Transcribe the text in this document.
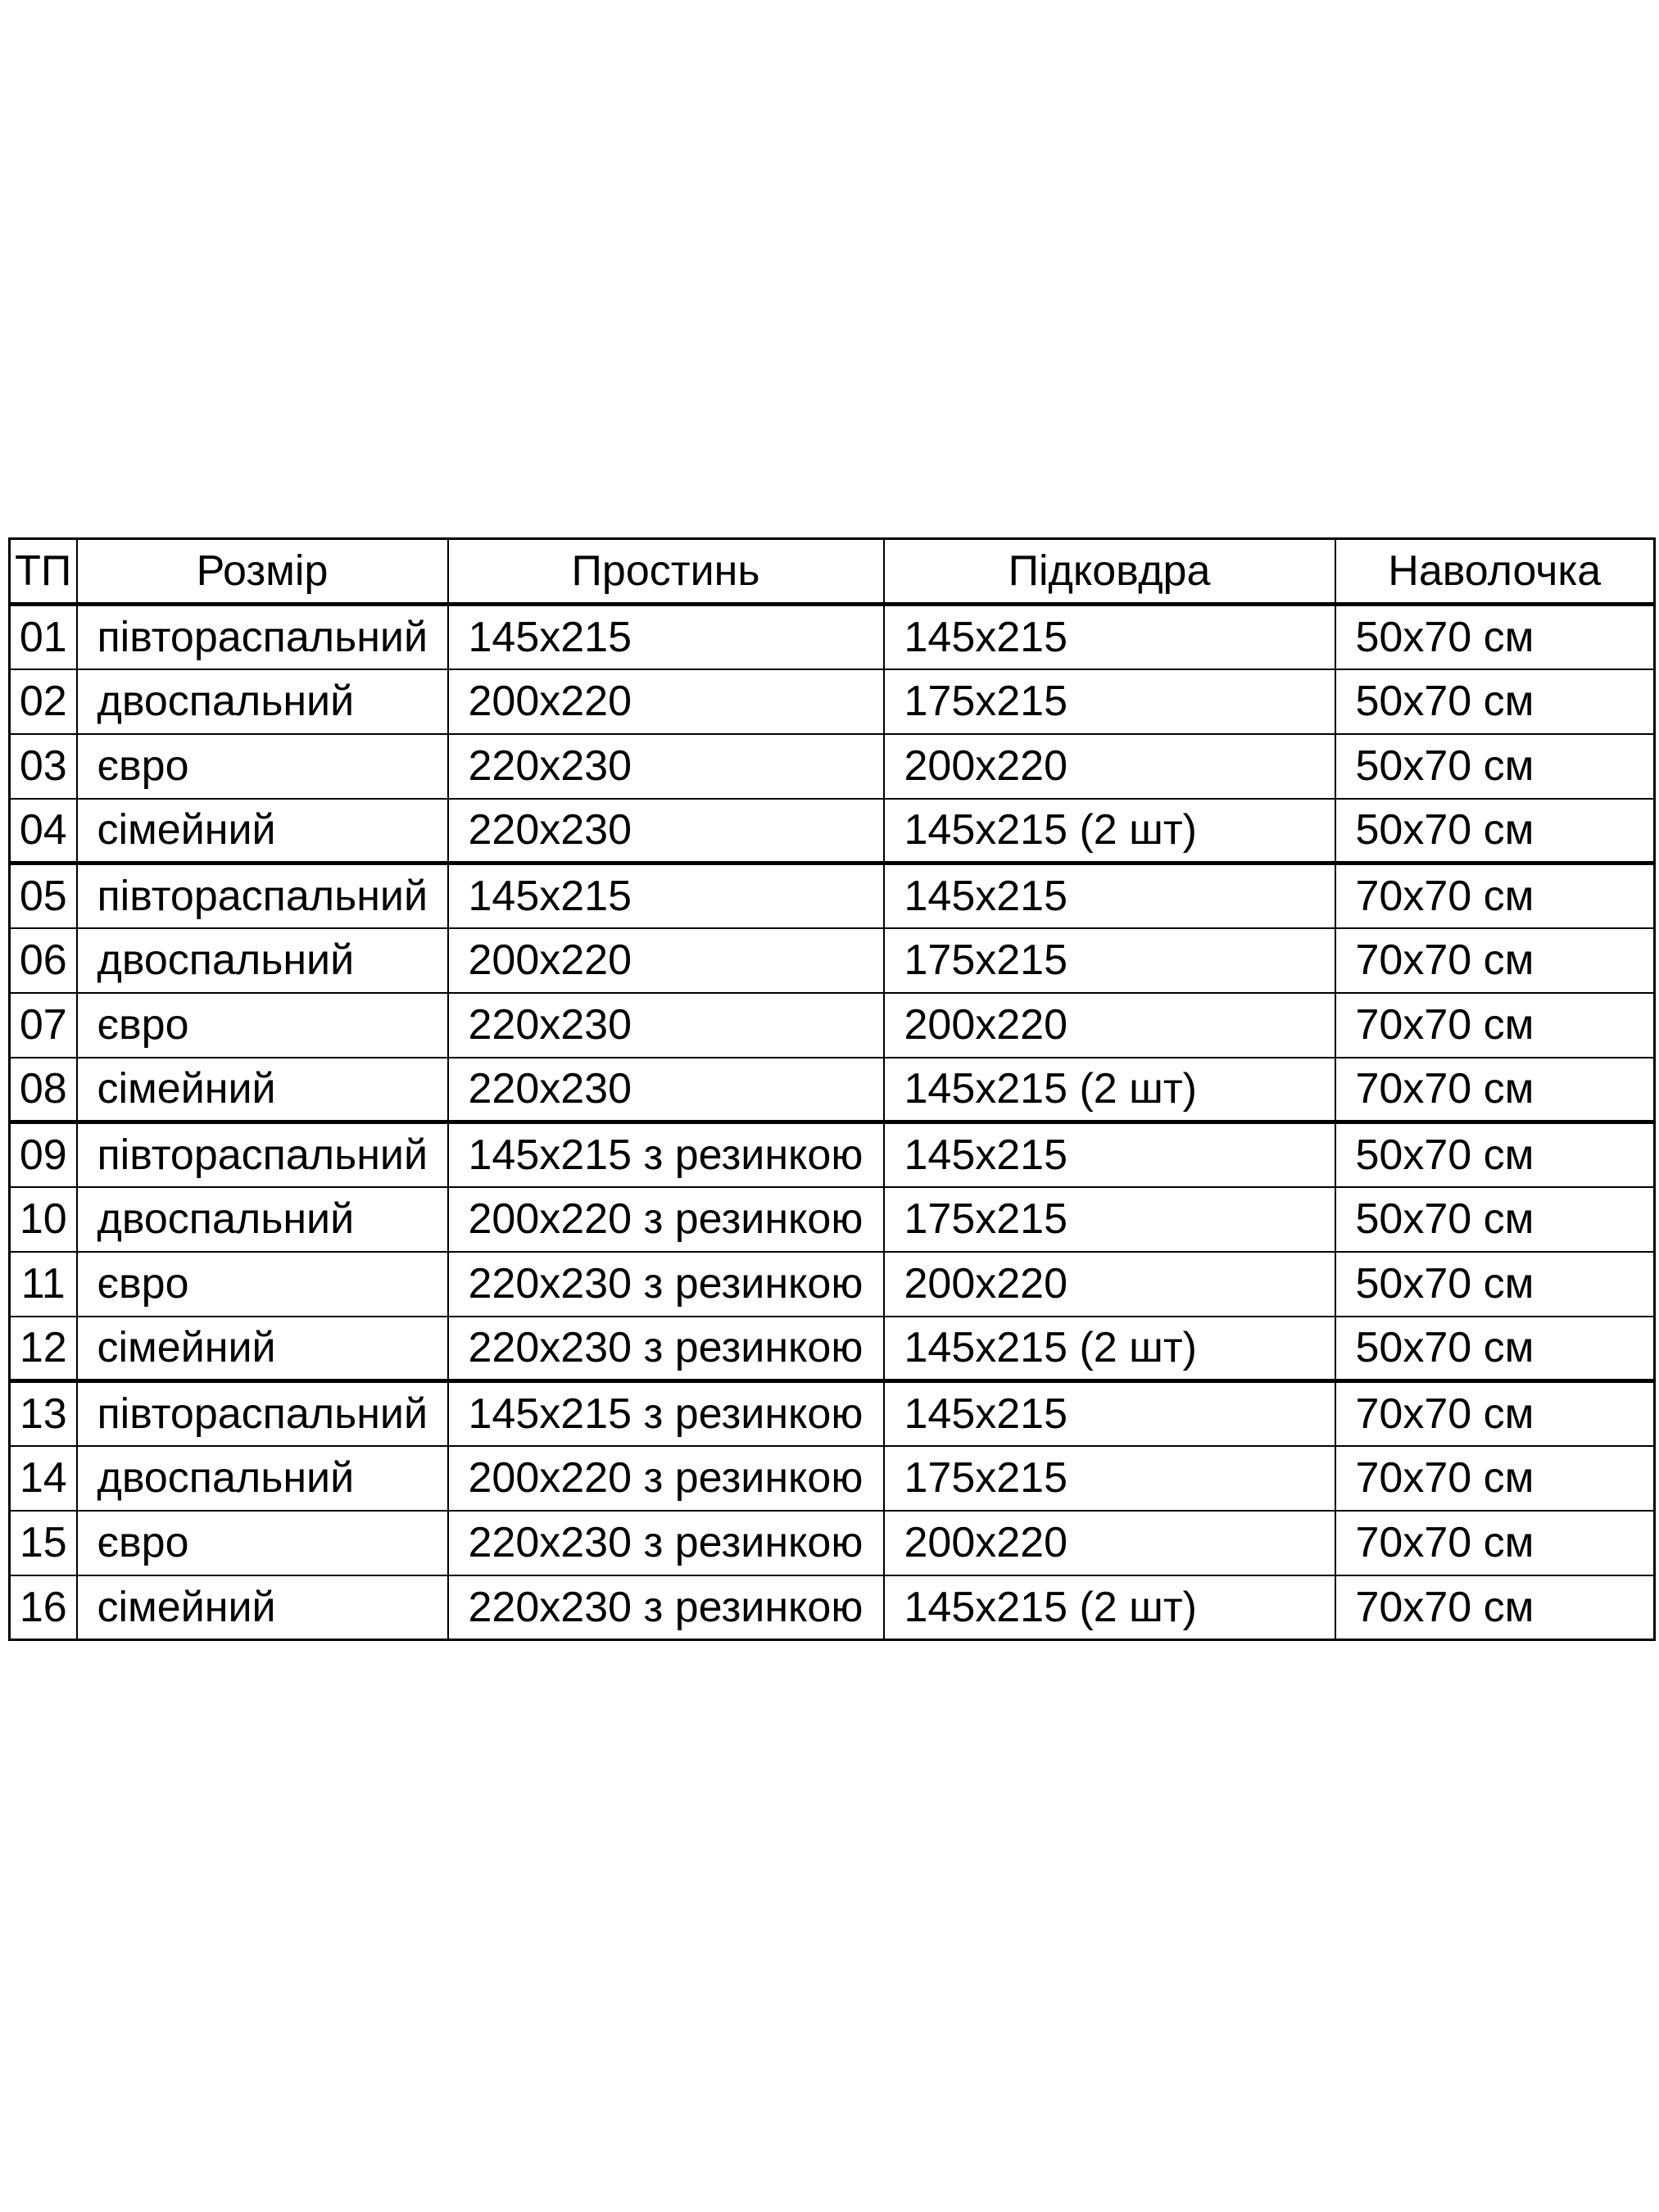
ТП	Розмір	Простинь	Підковдра	Наволочка
01	півтораспальний	145х215	145х215	50х70 см
02	двоспальний	200х220	175х215	50х70 см
03	євро	220х230	200х220	50х70 см
04	сімейний	220х230	145х215 (2 шт)	50х70 см
05	півтораспальний	145х215	145х215	70х70 см
06	двоспальний	200х220	175х215	70х70 см
07	євро	220х230	200х220	70х70 см
08	сімейний	220х230	145х215 (2 шт)	70х70 см
09	півтораспальний	145х215 з резинкою	145х215	50х70 см
10	двоспальний	200х220 з резинкою	175х215	50х70 см
11	євро	220х230 з резинкою	200х220	50х70 см
12	сімейний	220х230 з резинкою	145х215 (2 шт)	50х70 см
13	півтораспальний	145х215 з резинкою	145х215	70х70 см
14	двоспальний	200х220 з резинкою	175х215	70х70 см
15	євро	220х230 з резинкою	200х220	70х70 см
16	сімейний	220х230 з резинкою	145х215 (2 шт)	70х70 см
